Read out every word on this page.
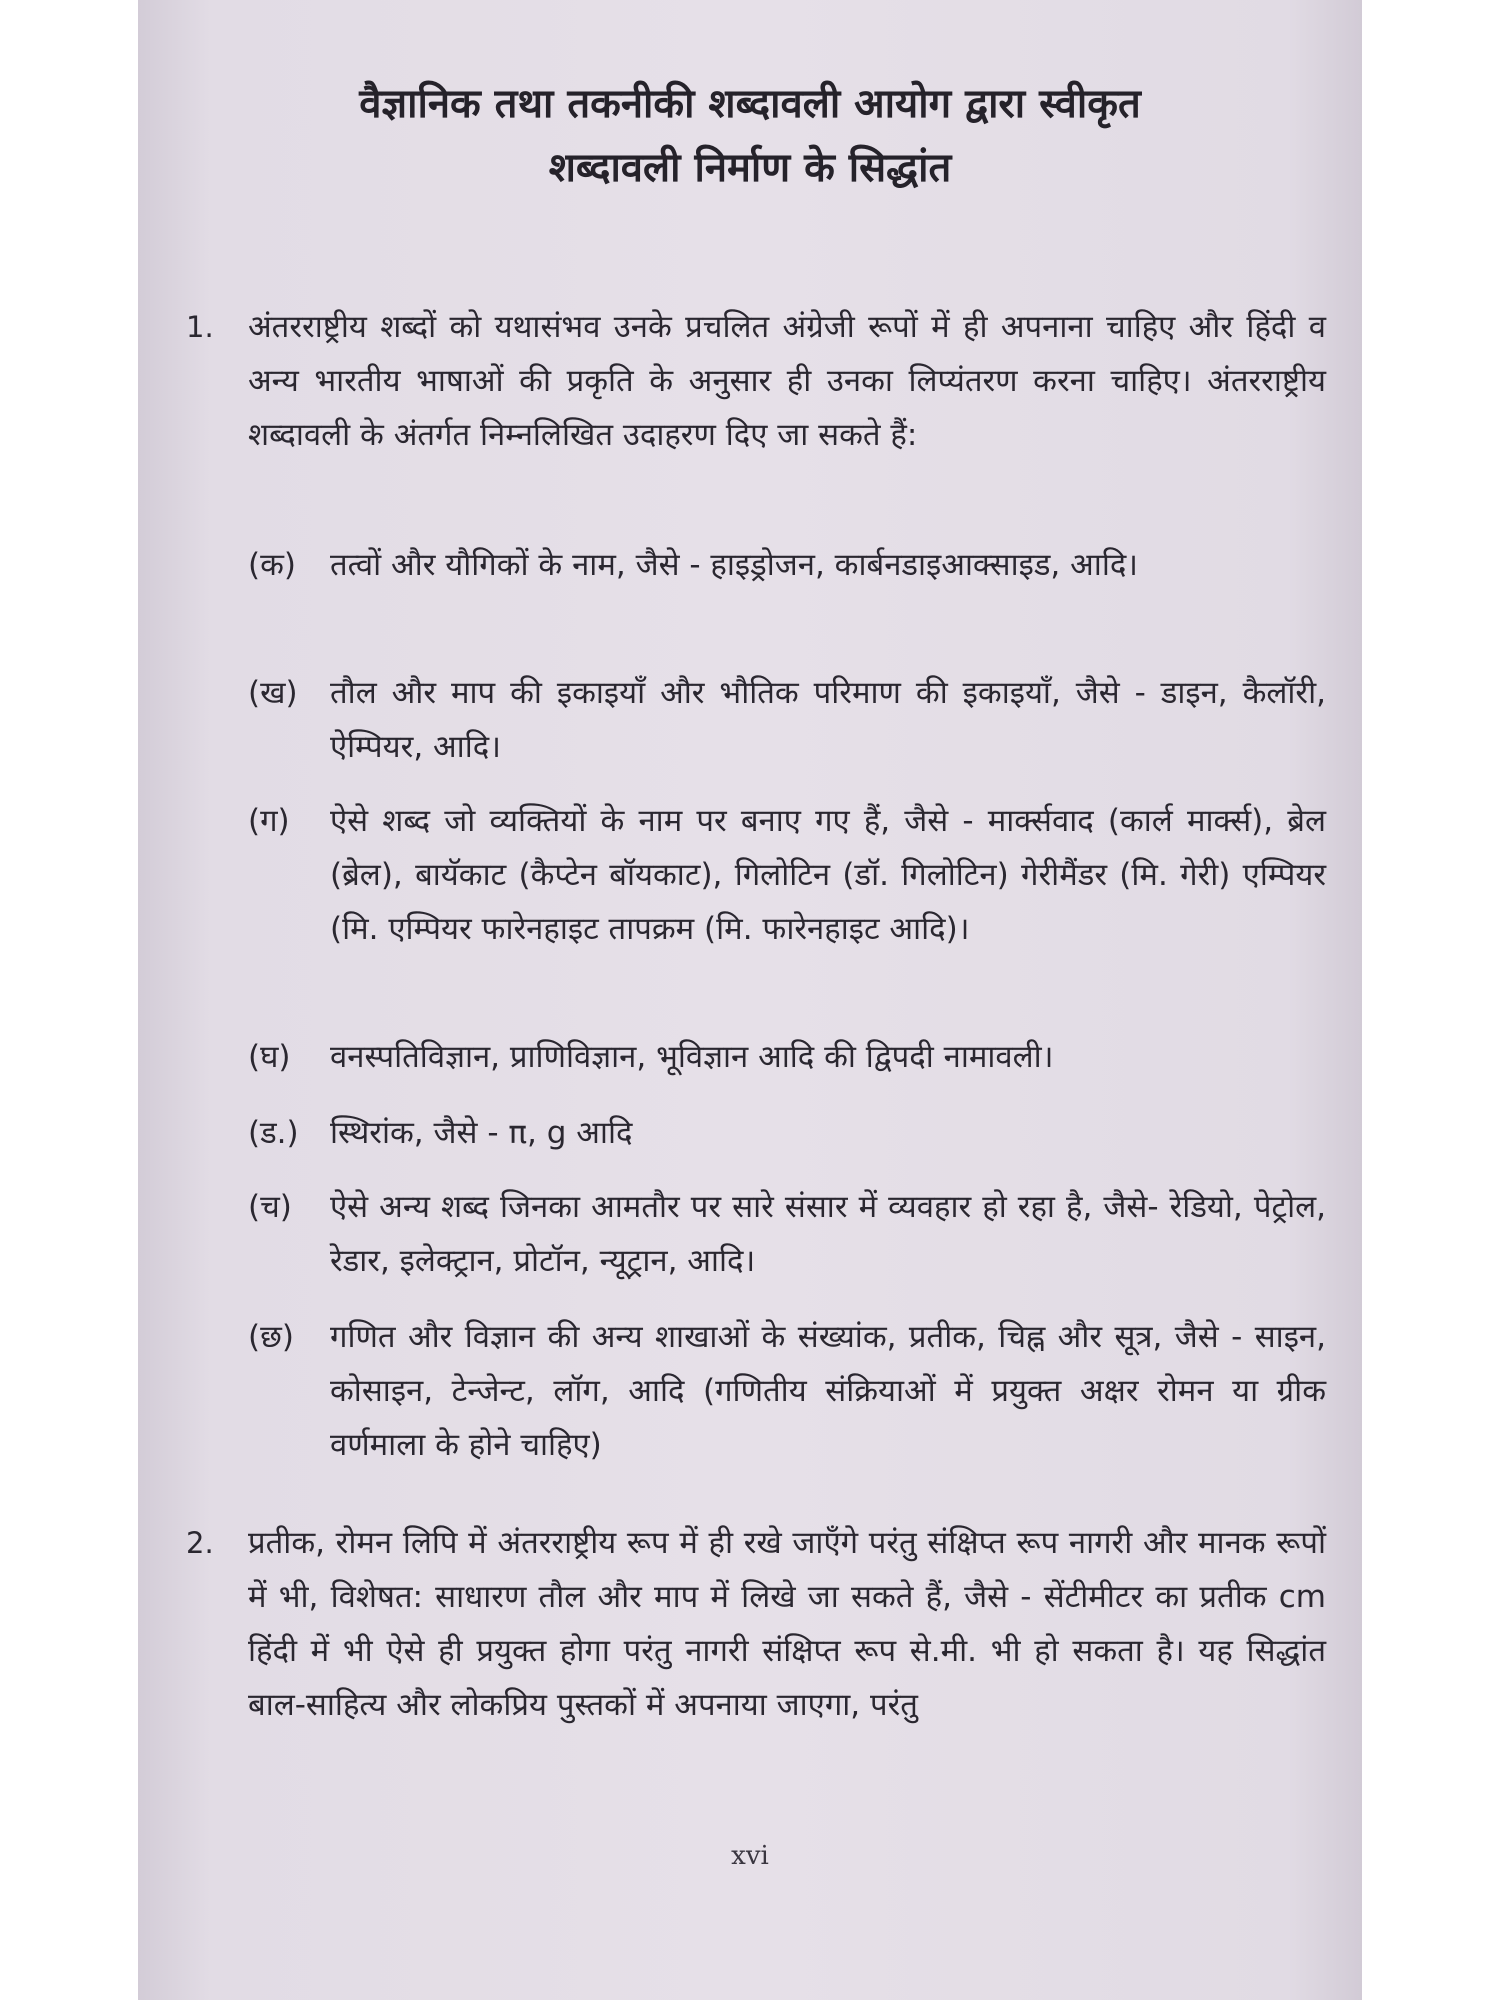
वैज्ञानिक तथा तकनीकी शब्दावली आयोग द्वारा स्वीकृत
शब्दावली निर्माण के सिद्धांत
1. अंतरराष्ट्रीय शब्दों को यथासंभव उनके प्रचलित अंग्रेजी रूपों में ही अपनाना चाहिए और हिंदी व अन्य भारतीय भाषाओं की प्रकृति के अनुसार ही उनका लिप्यंतरण करना चाहिए। अंतरराष्ट्रीय शब्दावली के अंतर्गत निम्नलिखित उदाहरण दिए जा सकते हैं:
(क) तत्वों और यौगिकों के नाम, जैसे - हाइड्रोजन, कार्बनडाइआक्साइड, आदि।
(ख) तौल और माप की इकाइयाँ और भौतिक परिमाण की इकाइयाँ, जैसे - डाइन, कैलॉरी, ऐम्पियर, आदि।
(ग) ऐसे शब्द जो व्यक्तियों के नाम पर बनाए गए हैं, जैसे - मार्क्सवाद (कार्ल मार्क्स), ब्रेल (ब्रेल), बायॅकाट (कैप्टेन बॉयकाट), गिलोटिन (डॉ. गिलोटिन) गेरीमैंडर (मि. गेरी) एम्पियर (मि. एम्पियर फारेनहाइट तापक्रम (मि. फारेनहाइट आदि)।
(घ) वनस्पतिविज्ञान, प्राणिविज्ञान, भूविज्ञान आदि की द्विपदी नामावली।
(ड.) स्थिरांक, जैसे - π, g आदि
(च) ऐसे अन्य शब्द जिनका आमतौर पर सारे संसार में व्यवहार हो रहा है, जैसे- रेडियो, पेट्रोल, रेडार, इलेक्ट्रान, प्रोटॉन, न्यूट्रान, आदि।
(छ) गणित और विज्ञान की अन्य शाखाओं के संख्यांक, प्रतीक, चिह्न और सूत्र, जैसे - साइन, कोसाइन, टेन्जेन्ट, लॉग, आदि (गणितीय संक्रियाओं में प्रयुक्त अक्षर रोमन या ग्रीक वर्णमाला के होने चाहिए)
2. प्रतीक, रोमन लिपि में अंतरराष्ट्रीय रूप में ही रखे जाएँगे परंतु संक्षिप्त रूप नागरी और मानक रूपों में भी, विशेषत: साधारण तौल और माप में लिखे जा सकते हैं, जैसे - सेंटीमीटर का प्रतीक cm हिंदी में भी ऐसे ही प्रयुक्त होगा परंतु नागरी संक्षिप्त रूप से.मी. भी हो सकता है। यह सिद्धांत बाल-साहित्य और लोकप्रिय पुस्तकों में अपनाया जाएगा, परंतु
xvi
